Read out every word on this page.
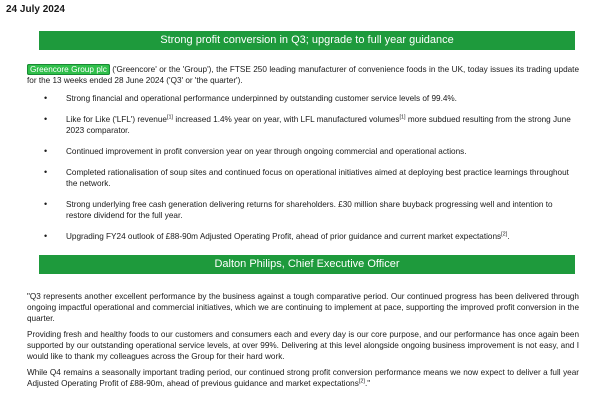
24 July 2024
Strong profit conversion in Q3; upgrade to full year guidance
Greencore Group plc ('Greencore' or the 'Group'), the FTSE 250 leading manufacturer of convenience foods in the UK, today issues its trading update for the 13 weeks ended 28 June 2024 ('Q3' or 'the quarter').
• Strong financial and operational performance underpinned by outstanding customer service levels of 99.4%.
• Like for Like ('LFL') revenue[1] increased 1.4% year on year, with LFL manufactured volumes[1] more subdued resulting from the strong June 2023 comparator.
• Continued improvement in profit conversion year on year through ongoing commercial and operational actions.
• Completed rationalisation of soup sites and continued focus on operational initiatives aimed at deploying best practice learnings throughout the network.
• Strong underlying free cash generation delivering returns for shareholders. £30 million share buyback progressing well and intention to restore dividend for the full year.
• Upgrading FY24 outlook of £88-90m Adjusted Operating Profit, ahead of prior guidance and current market expectations[2].
Dalton Philips, Chief Executive Officer
"Q3 represents another excellent performance by the business against a tough comparative period. Our continued progress has been delivered through ongoing impactful operational and commercial initiatives, which we are continuing to implement at pace, supporting the improved profit conversion in the quarter.
Providing fresh and healthy foods to our customers and consumers each and every day is our core purpose, and our performance has once again been supported by our outstanding operational service levels, at over 99%. Delivering at this level alongside ongoing business improvement is not easy, and I would like to thank my colleagues across the Group for their hard work.
While Q4 remains a seasonally important trading period, our continued strong profit conversion performance means we now expect to deliver a full year Adjusted Operating Profit of £88-90m, ahead of previous guidance and market expectations[2]."
